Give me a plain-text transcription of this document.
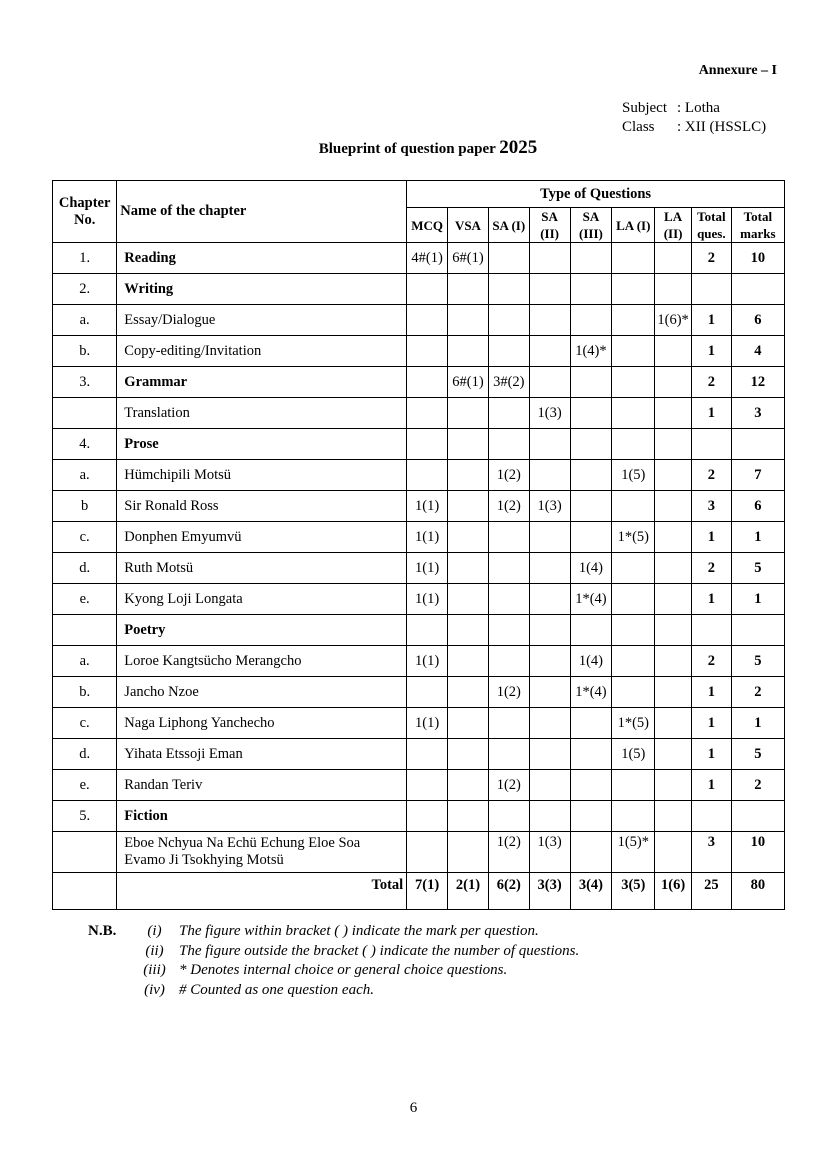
Annexure – I
Subject : Lotha
Class	: XII (HSSLC)
Blueprint of question paper 2025
Chapter No.	Name of the chapter	Type of Questions								
		MCQ	VSA	SA (I)	SA (II)	SA (III)	LA (I)	LA (II)	Total ques.	Total marks
1.	Reading	4#(1)	6#(1)						2	10
2.	Writing									
a.	Essay/Dialogue							1(6)*	1	6
b.	Copy-editing/Invitation					1(4)*			1	4
3.	Grammar		6#(1)	3#(2)					2	12
	Translation				1(3)				1	3
4.	Prose									
a.	Hümchipili Motsü			1(2)			1(5)		2	7
b	Sir Ronald Ross	1(1)		1(2)	1(3)				3	6
c.	Donphen Emyumvü	1(1)					1*(5)		1	1
d.	Ruth Motsü	1(1)				1(4)			2	5
e.	Kyong Loji Longata	1(1)				1*(4)			1	1
	Poetry									
a.	Loroe Kangtsücho Merangcho	1(1)				1(4)			2	5
b.	Jancho Nzoe			1(2)		1*(4)			1	2
c.	Naga Liphong Yanchecho	1(1)					1*(5)		1	1
d.	Yihata Etssoji Eman						1(5)		1	5
e.	Randan Teriv			1(2)					1	2
5.	Fiction									
	Eboe Nchyua Na Echü Echung Eloe Soa Evamo Ji Tsokhying Motsü			1(2)	1(3)		1(5)*		3	10
	Total	7(1)	2(1)	6(2)	3(3)	3(4)	3(5)	1(6)	25	80
N.B.	(i)	The figure within bracket ( ) indicate the mark per question.
(ii)	The figure outside the bracket ( ) indicate the number of questions.
(iii) * Denotes internal choice or general choice questions.
(iv) # Counted as one question each.
6
